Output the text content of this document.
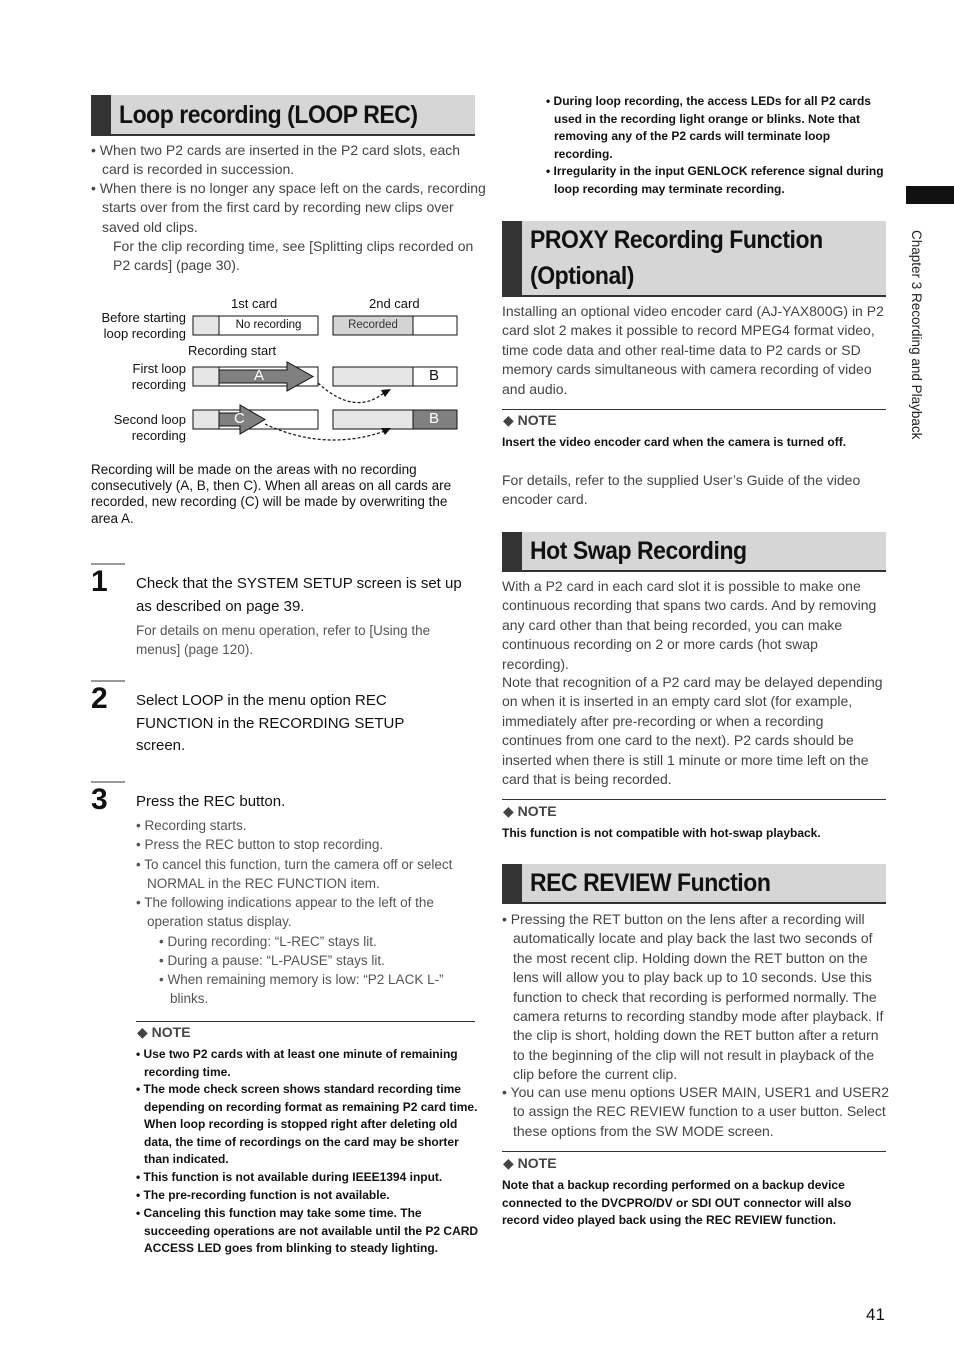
Loop recording (LOOP REC)
• When two P2 cards are inserted in the P2 card slots, each card is recorded in succession.
• When there is no longer any space left on the cards, recording starts over from the first card by recording new clips over saved old clips.
For the clip recording time, see [Splitting clips recorded on P2 cards] (page 30).
1st card	2nd card
Before starting
loop recording
No recording	Recorded
Recording start
First loop
recording
A	B
Second loop
recording
C	B
Recording will be made on the areas with no recording consecutively (A, B, then C). When all areas on all cards are recorded, new recording (C) will be made by overwriting the area A.
1 Check that the SYSTEM SETUP screen is set up as described on page 39.
For details on menu operation, refer to [Using the menus] (page 120).
2 Select LOOP in the menu option REC FUNCTION in the RECORDING SETUP screen.
3 Press the REC button.
• Recording starts.
• Press the REC button to stop recording.
• To cancel this function, turn the camera off or select NORMAL in the REC FUNCTION item.
• The following indications appear to the left of the operation status display.
• During recording: “L-REC” stays lit.
• During a pause: “L-PAUSE” stays lit.
• When remaining memory is low: “P2 LACK L-” blinks.
◆ NOTE
• Use two P2 cards with at least one minute of remaining recording time.
• The mode check screen shows standard recording time depending on recording format as remaining P2 card time. When loop recording is stopped right after deleting old data, the time of recordings on the card may be shorter than indicated.
• This function is not available during IEEE1394 input.
• The pre-recording function is not available.
• Canceling this function may take some time. The succeeding operations are not available until the P2 CARD ACCESS LED goes from blinking to steady lighting.
• During loop recording, the access LEDs for all P2 cards used in the recording light orange or blinks. Note that removing any of the P2 cards will terminate loop recording.
• Irregularity in the input GENLOCK reference signal during loop recording may terminate recording.
PROXY Recording Function
(Optional)
Installing an optional video encoder card (AJ-YAX800G) in P2 card slot 2 makes it possible to record MPEG4 format video, time code data and other real-time data to P2 cards or SD memory cards simultaneous with camera recording of video and audio.
◆ NOTE
Insert the video encoder card when the camera is turned off.
For details, refer to the supplied User’s Guide of the video encoder card.
Hot Swap Recording
With a P2 card in each card slot it is possible to make one continuous recording that spans two cards. And by removing any card other than that being recorded, you can make continuous recording on 2 or more cards (hot swap recording).
Note that recognition of a P2 card may be delayed depending on when it is inserted in an empty card slot (for example, immediately after pre-recording or when a recording continues from one card to the next). P2 cards should be inserted when there is still 1 minute or more time left on the card that is being recorded.
◆ NOTE
This function is not compatible with hot-swap playback.
REC REVIEW Function
• Pressing the RET button on the lens after a recording will automatically locate and play back the last two seconds of the most recent clip. Holding down the RET button on the lens will allow you to play back up to 10 seconds. Use this function to check that recording is performed normally. The camera returns to recording standby mode after playback. If the clip is short, holding down the RET button after a return to the beginning of the clip will not result in playback of the clip before the current clip.
• You can use menu options USER MAIN, USER1 and USER2 to assign the REC REVIEW function to a user button. Select these options from the SW MODE screen.
◆ NOTE
Note that a backup recording performed on a backup device connected to the DVCPRO/DV or SDI OUT connector will also record video played back using the REC REVIEW function.
Chapter 3 Recording and Playback
41
